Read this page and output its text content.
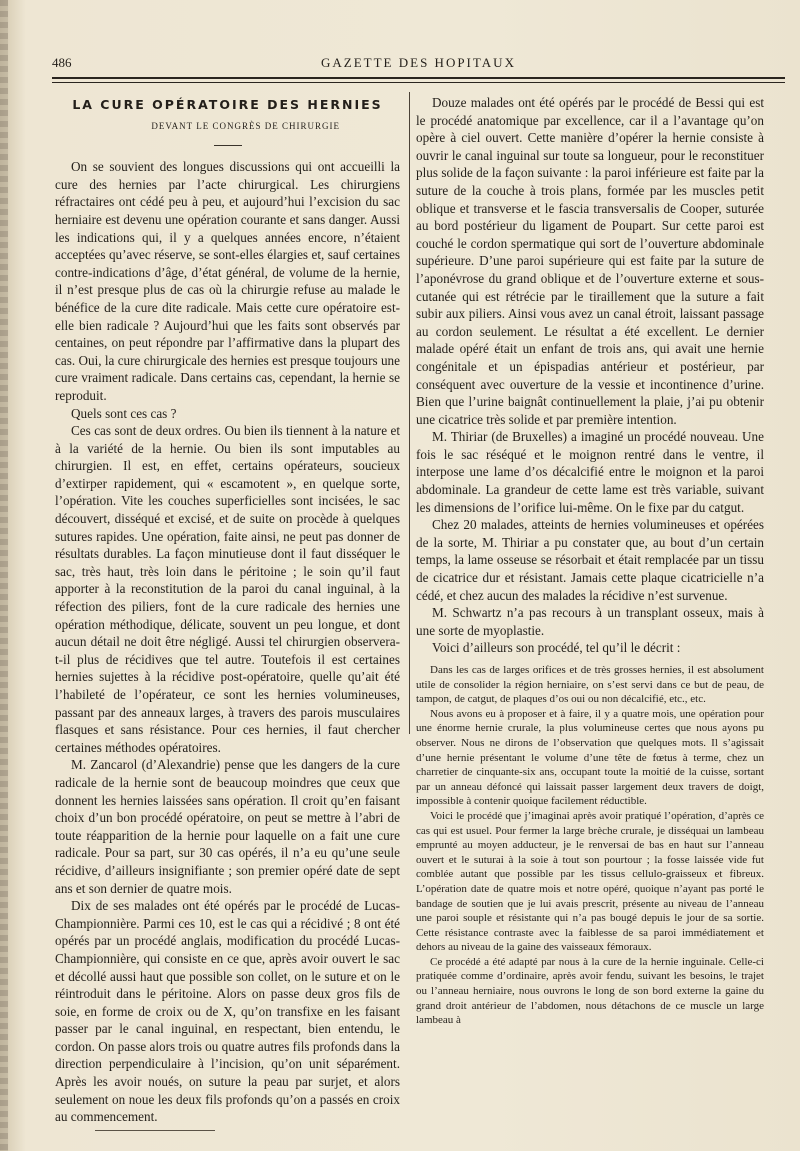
486	GAZETTE DES HOPITAUX
LA CURE OPÉRATOIRE DES HERNIES
DEVANT LE CONGRÈS DE CHIRURGIE

On se souvient des longues discussions qui ont accueilli la cure des hernies par l’acte chirurgical. Les chirurgiens réfractaires ont cédé peu à peu, et aujourd’hui l’excision du sac herniaire est devenu une opération courante et sans danger. Aussi les indications qui, il y a quelques années encore, n’étaient acceptées qu’avec réserve, se sont-elles élargies et, sauf certaines contre-indications d’âge, d’état général, de volume de la hernie, il n’est presque plus de cas où la chirurgie refuse au malade le bénéfice de la cure dite radicale. Mais cette cure opératoire est-elle bien radicale ? Aujourd’hui que les faits sont observés par centaines, on peut répondre par l’affirmative dans la plupart des cas. Oui, la cure chirurgicale des hernies est presque toujours une cure vraiment radicale. Dans certains cas, cependant, la hernie se reproduit.

Quels sont ces cas ?

Ces cas sont de deux ordres. Ou bien ils tiennent à la nature et à la variété de la hernie. Ou bien ils sont imputables au chirurgien. Il est, en effet, certains opérateurs, soucieux d’extirper rapidement, qui « escamotent », en quelque sorte, l’opération. Vite les couches superficielles sont incisées, le sac découvert, disséqué et excisé, et de suite on procède à quelques sutures rapides. Une opération, faite ainsi, ne peut pas donner de résultats durables. La façon minutieuse dont il faut disséquer le sac, très haut, très loin dans le péritoine ; le soin qu’il faut apporter à la reconstitution de la paroi du canal inguinal, à la réfection des piliers, font de la cure radicale des hernies une opération méthodique, délicate, souvent un peu longue, et dont aucun détail ne doit être négligé. Aussi tel chirurgien observera-t-il plus de récidives que tel autre. Toutefois il est certaines hernies sujettes à la récidive post-opératoire, quelle qu’ait été l’habileté de l’opérateur, ce sont les hernies volumineuses, passant par des anneaux larges, à travers des parois musculaires flasques et sans résistance. Pour ces hernies, il faut chercher certaines méthodes opératoires.

M. Zancarol (d’Alexandrie) pense que les dangers de la cure radicale de la hernie sont de beaucoup moindres que ceux que donnent les hernies laissées sans opération. Il croit qu’en faisant choix d’un bon procédé opératoire, on peut se mettre à l’abri de toute réapparition de la hernie pour laquelle on a fait une cure radicale. Pour sa part, sur 30 cas opérés, il n’a eu qu’une seule récidive, d’ailleurs insignifiante ; son premier opéré date de sept ans et son dernier de quatre mois.

Dix de ses malades ont été opérés par le procédé de Lucas-Championnière. Parmi ces 10, est le cas qui a récidivé ; 8 ont été opérés par un procédé anglais, modification du procédé Lucas-Championnière, qui consiste en ce que, après avoir ouvert le sac et décollé aussi haut que possible son collet, on le suture et on le réintroduit dans le péritoine. Alors on passe deux gros fils de soie, en forme de croix ou de X, qu’on transfixe en les faisant passer par le canal inguinal, en respectant, bien entendu, le cordon. On passe alors trois ou quatre autres fils profonds dans la direction perpendiculaire à l’incision, qu’on unit séparément. Après les avoir noués, on suture la peau par surjet, et alors seulement on noue les deux fils profonds qu’on a passés en croix au commencement.

Douze malades ont été opérés par le procédé de Bessi qui est le procédé anatomique par excellence, car il a l’avantage qu’on opère à ciel ouvert. Cette manière d’opérer la hernie consiste à ouvrir le canal inguinal sur toute sa longueur, pour le reconstituer plus solide de la façon suivante : la paroi inférieure est faite par la suture de la couche à trois plans, formée par les muscles petit oblique et transverse et le fascia transversalis de Cooper, suturée au bord postérieur du ligament de Poupart. Sur cette paroi est couché le cordon spermatique qui sort de l’ouverture abdominale supérieure. D’une paroi supérieure qui est faite par la suture de l’aponévrose du grand oblique et de l’ouverture externe et sous-cutanée qui est rétrécie par le tiraillement que la suture a fait subir aux piliers. Ainsi vous avez un canal étroit, laissant passage au cordon seulement. Le résultat a été excellent. Le dernier malade opéré était un enfant de trois ans, qui avait une hernie congénitale et un épispadias antérieur et postérieur, par conséquent avec ouverture de la vessie et incontinence d’urine. Bien que l’urine baignât continuellement la plaie, j’ai pu obtenir une cicatrice très solide et par première intention.

M. Thiriar (de Bruxelles) a imaginé un procédé nouveau. Une fois le sac réséqué et le moignon rentré dans le ventre, il interpose une lame d’os décalcifié entre le moignon et la paroi abdominale. La grandeur de cette lame est très variable, suivant les dimensions de l’orifice lui-même. On le fixe par du catgut.

Chez 20 malades, atteints de hernies volumineuses et opérées de la sorte, M. Thiriar a pu constater que, au bout d’un certain temps, la lame osseuse se résorbait et était remplacée par un tissu de cicatrice dur et résistant. Jamais cette plaque cicatricielle n’a cédé, et chez aucun des malades la récidive n’est survenue.

M. Schwartz n’a pas recours à un transplant osseux, mais à une sorte de myoplastie.

Voici d’ailleurs son procédé, tel qu’il le décrit :

Dans les cas de larges orifices et de très grosses hernies, il est absolument utile de consolider la région herniaire, on s’est servi dans ce but de peau, de tampon, de catgut, de plaques d’os oui ou non décalcifié, etc., etc.

Nous avons eu à proposer et à faire, il y a quatre mois, une opération pour une énorme hernie crurale, la plus volumineuse certes que nous ayons pu observer. Nous ne dirons de l’observation que quelques mots. Il s’agissait d’une hernie présentant le volume d’une tête de fœtus à terme, chez un charretier de cinquante-six ans, occupant toute la moitié de la cuisse, sortant par un anneau défoncé qui laissait passer largement deux travers de doigt, impossible à contenir quoique facilement réductible.

Voici le procédé que j’imaginai après avoir pratiqué l’opération, d’après ce cas qui est usuel. Pour fermer la large brèche crurale, je disséquai un lambeau emprunté au moyen adducteur, je le renversai de bas en haut sur l’anneau ouvert et le suturai à la soie à tout son pourtour ; la fosse laissée vide fut comblée autant que possible par les tissus cellulo-graisseux et fibreux. L’opération date de quatre mois et notre opéré, quoique n’ayant pas porté le bandage de soutien que je lui avais prescrit, présente au niveau de l’anneau une paroi souple et résistante qui n’a pas bougé depuis le jour de sa sortie. Cette résistance contraste avec la faiblesse de sa paroi immédiatement et dehors au niveau de la gaine des vaisseaux fémoraux.

Ce procédé a été adapté par nous à la cure de la hernie inguinale. Celle-ci pratiquée comme d’ordinaire, après avoir fendu, suivant les besoins, le trajet ou l’anneau herniaire, nous ouvrons le long de son bord externe la gaine du grand droit antérieur de l’abdomen, nous détachons de ce muscle un large lambeau à
